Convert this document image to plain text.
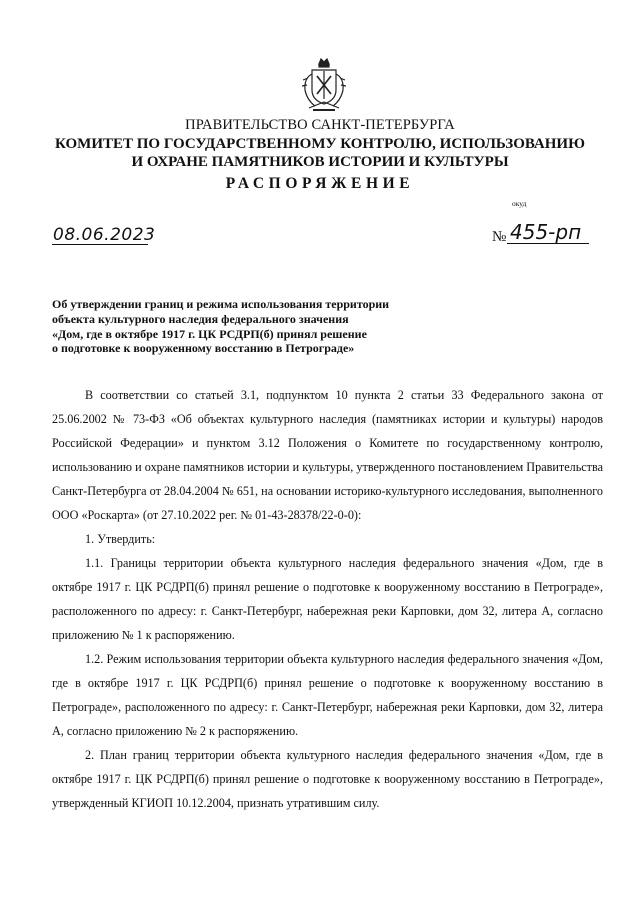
ПРАВИТЕЛЬСТВО САНКТ-ПЕТЕРБУРГА
КОМИТЕТ ПО ГОСУДАРСТВЕННОМУ КОНТРОЛЮ, ИСПОЛЬЗОВАНИЮ
И ОХРАНЕ ПАМЯТНИКОВ ИСТОРИИ И КУЛЬТУРЫ
РАСПОРЯЖЕНИЕ
окуд
08.06.2023	№ 455-рп
Об утверждении границ и режима использования территории
объекта культурного наследия федерального значения
«Дом, где в октябре 1917 г. ЦК РСДРП(б) принял решение
о подготовке к вооруженному восстанию в Петрограде»

В соответствии со статьей 3.1, подпунктом 10 пункта 2 статьи 33 Федерального закона от 25.06.2002 № 73-ФЗ «Об объектах культурного наследия (памятниках истории и культуры) народов Российской Федерации» и пунктом 3.12 Положения о Комитете по государственному контролю, использованию и охране памятников истории и культуры, утвержденного постановлением Правительства Санкт-Петербурга от 28.04.2004 № 651, на основании историко-культурного исследования, выполненного ООО «Роскарта» (от 27.10.2022 рег. № 01-43-28378/22-0-0):

1. Утвердить:

1.1. Границы территории объекта культурного наследия федерального значения «Дом, где в октябре 1917 г. ЦК РСДРП(б) принял решение о подготовке к вооруженному восстанию в Петрограде», расположенного по адресу: г. Санкт-Петербург, набережная реки Карповки, дом 32, литера А, согласно приложению № 1 к распоряжению.

1.2. Режим использования территории объекта культурного наследия федерального значения «Дом, где в октябре 1917 г. ЦК РСДРП(б) принял решение о подготовке к вооруженному восстанию в Петрограде», расположенного по адресу: г. Санкт-Петербург, набережная реки Карповки, дом 32, литера А, согласно приложению № 2 к распоряжению.

2. План границ территории объекта культурного наследия федерального значения «Дом, где в октябре 1917 г. ЦК РСДРП(б) принял решение о подготовке к вооруженному восстанию в Петрограде», утвержденный КГИОП 10.12.2004, признать утратившим силу.
